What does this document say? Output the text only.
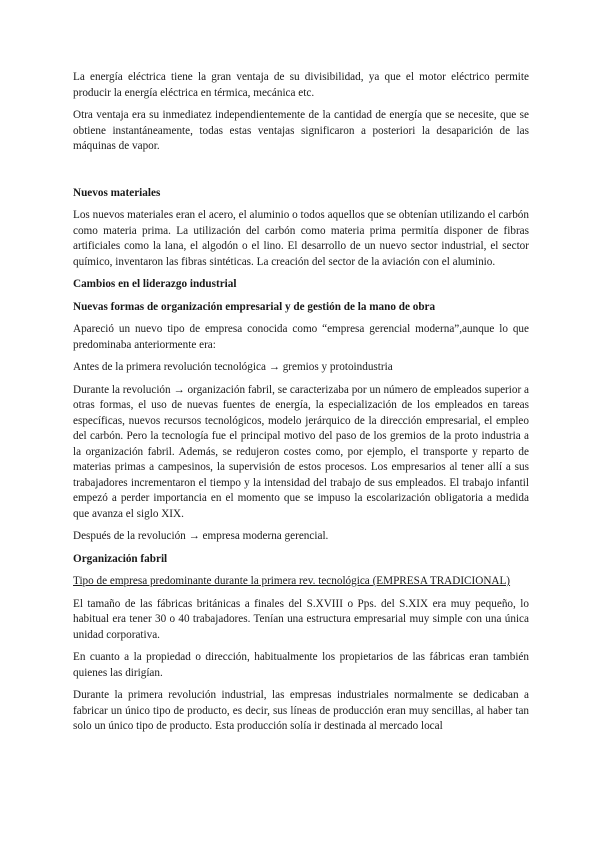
La energía eléctrica tiene la gran ventaja de su divisibilidad, ya que el motor eléctrico permite producir la energía eléctrica en térmica, mecánica etc.

Otra ventaja era su inmediatez independientemente de la cantidad de energía que se necesite, que se obtiene instantáneamente, todas estas ventajas significaron a posteriori la desaparición de las máquinas de vapor.

Nuevos materiales

Los nuevos materiales eran el acero, el aluminio o todos aquellos que se obtenían utilizando el carbón como materia prima. La utilización del carbón como materia prima permitía disponer de fibras artificiales como la lana, el algodón o el lino. El desarrollo de un nuevo sector industrial, el sector químico, inventaron las fibras sintéticas. La creación del sector de la aviación con el aluminio.

Cambios en el liderazgo industrial
Nuevas formas de organización empresarial y de gestión de la mano de obra

Apareció un nuevo tipo de empresa conocida como “empresa gerencial moderna”,aunque lo que predominaba anteriormente era:

Antes de la primera revolución tecnológica → gremios y protoindustria

Durante la revolución → organización fabril, se caracterizaba por un número de empleados superior a otras formas, el uso de nuevas fuentes de energía, la especialización de los empleados en tareas específicas, nuevos recursos tecnológicos, modelo jerárquico de la dirección empresarial, el empleo del carbón. Pero la tecnología fue el principal motivo del paso de los gremios de la proto industria a la organización fabril. Además, se redujeron costes como, por ejemplo, el transporte y reparto de materias primas a campesinos, la supervisión de estos procesos. Los empresarios al tener allí a sus trabajadores incrementaron el tiempo y la intensidad del trabajo de sus empleados. El trabajo infantil empezó a perder importancia en el momento que se impuso la escolarización obligatoria a medida que avanza el siglo XIX.

Después de la revolución → empresa moderna gerencial.

Organización fabril

Tipo de empresa predominante durante la primera rev. tecnológica (EMPRESA TRADICIONAL)

El tamaño de las fábricas británicas a finales del S.XVIII o Pps. del S.XIX era muy pequeño, lo habitual era tener 30 o 40 trabajadores. Tenían una estructura empresarial muy simple con una única unidad corporativa.

En cuanto a la propiedad o dirección, habitualmente los propietarios de las fábricas eran también quienes las dirigían.

Durante la primera revolución industrial, las empresas industriales normalmente se dedicaban a fabricar un único tipo de producto, es decir, sus líneas de producción eran muy sencillas, al haber tan solo un único tipo de producto. Esta producción solía ir destinada al mercado local
